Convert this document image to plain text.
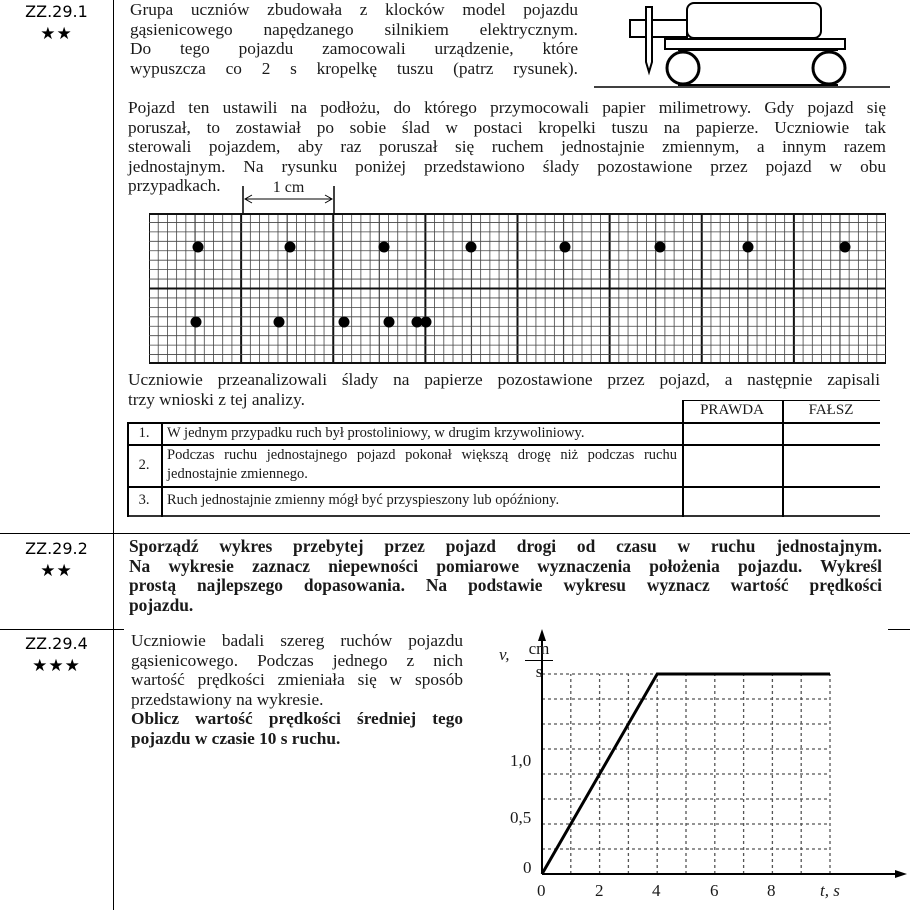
ZZ.29.1
★★
Grupa uczniów zbudowała z klocków model pojazdu
gąsienicowego napędzanego silnikiem elektrycznym.
Do tego pojazdu zamocowali urządzenie, które
wypuszcza co 2 s kropelkę tuszu (patrz rysunek).
Pojazd ten ustawili na podłożu, do którego przymocowali papier milimetrowy. Gdy pojazd się
poruszał, to zostawiał po sobie ślad w postaci kropelki tuszu na papierze. Uczniowie tak
sterowali pojazdem, aby raz poruszał się ruchem jednostajnie zmiennym, a innym razem
jednostajnym. Na rysunku poniżej przedstawiono ślady pozostawione przez pojazd w obu
przypadkach.	1 cm
Uczniowie przeanalizowali ślady na papierze pozostawione przez pojazd, a następnie zapisali
trzy wnioski z tej analizy.
PRAWDA	FAŁSZ
1.	W jednym przypadku ruch był prostoliniowy, w drugim krzywoliniowy.
2.
Podczas ruchu jednostajnego pojazd pokonał większą drogę niż podczas ruchu jednostajnie zmiennego.
3.	Ruch jednostajnie zmienny mógł być przyspieszony lub opóźniony.
ZZ.29.2
★★
Sporządź wykres przebytej przez pojazd drogi od czasu w ruchu jednostajnym.
Na wykresie zaznacz niepewności pomiarowe wyznaczenia położenia pojazdu. Wykreśl
prostą najlepszego dopasowania. Na podstawie wykresu wyznacz wartość prędkości
pojazdu.
ZZ.29.4
★★★
Uczniowie badali szereg ruchów pojazdu
gąsienicowego. Podczas jednego z nich
wartość prędkości zmieniała się w sposób
przedstawiony na wykresie.
Oblicz wartość prędkości średniej tego
pojazdu w czasie 10 s ruchu.
v,	cm
s
1,0
0,5
0
0	2	4	6	8	t, s
